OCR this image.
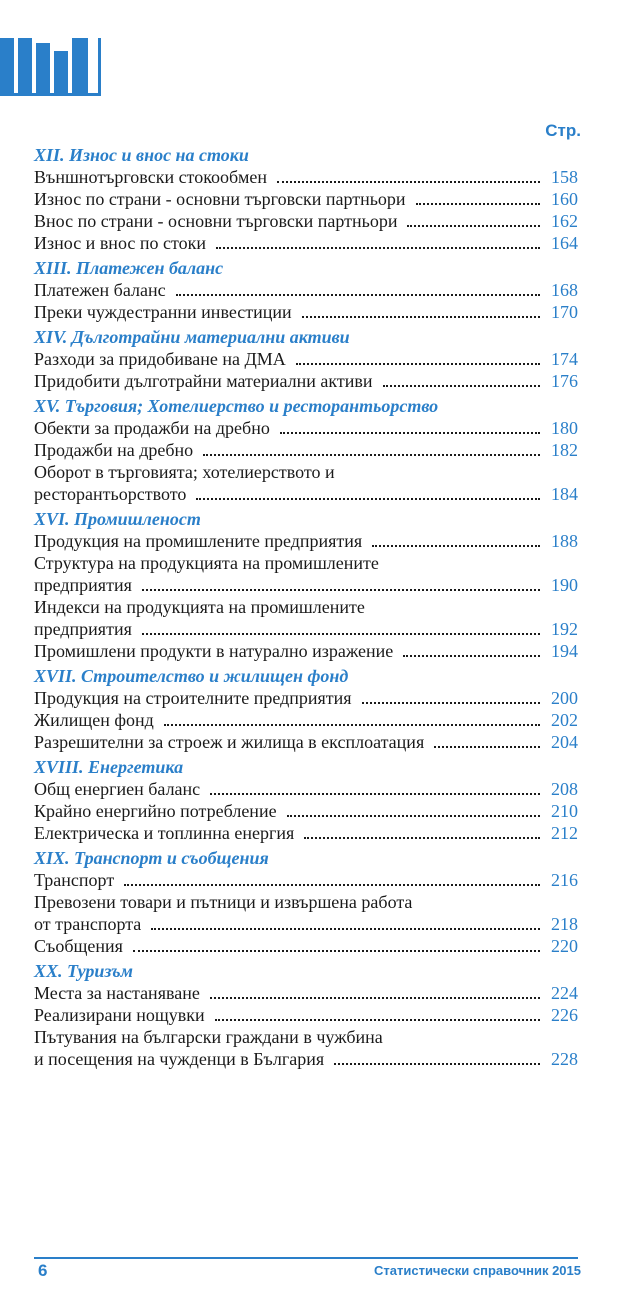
Стр.
XII. Износ и внос на стоки
Външнотърговски стокообмен	158
Износ по страни - основни търговски партньори	160
Внос по страни - основни търговски партньори	162
Износ и внос по стоки	164
XIII. Платежен баланс
Платежен баланс	168
Преки чуждестранни инвестиции	170
XIV. Дълготрайни материални активи
Разходи за придобиване на ДМА	174
Придобити дълготрайни материални активи	176
XV. Търговия; Хотелиерство и ресторантьорство
Обекти за продажби на дребно	180
Продажби на дребно	182
Оборот в търговията; хотелиерството и
ресторантьорството	184
XVI. Промишленост
Продукция на промишлените предприятия	188
Структура на продукцията на промишлените
предприятия	190
Индекси на продукцията на промишлените
предприятия	192
Промишлени продукти в натурално изражение	194
XVII. Строителство и жилищен фонд
Продукция на строителните предприятия	200
Жилищен фонд	202
Разрешителни за строеж и жилища в експлоатация	204
XVIII. Енергетика
Общ енергиен баланс	208
Крайно енергийно потребление	210
Електрическа и топлинна енергия	212
XIX. Транспорт и съобщения
Транспорт	216
Превозени товари и пътници и извършена работа
от транспорта	218
Съобщения	220
XX. Туризъм
Места за настаняване	224
Реализирани нощувки	226
Пътувания на български граждани в чужбина
и посещения на чужденци в България	228
6	Статистически справочник 2015
